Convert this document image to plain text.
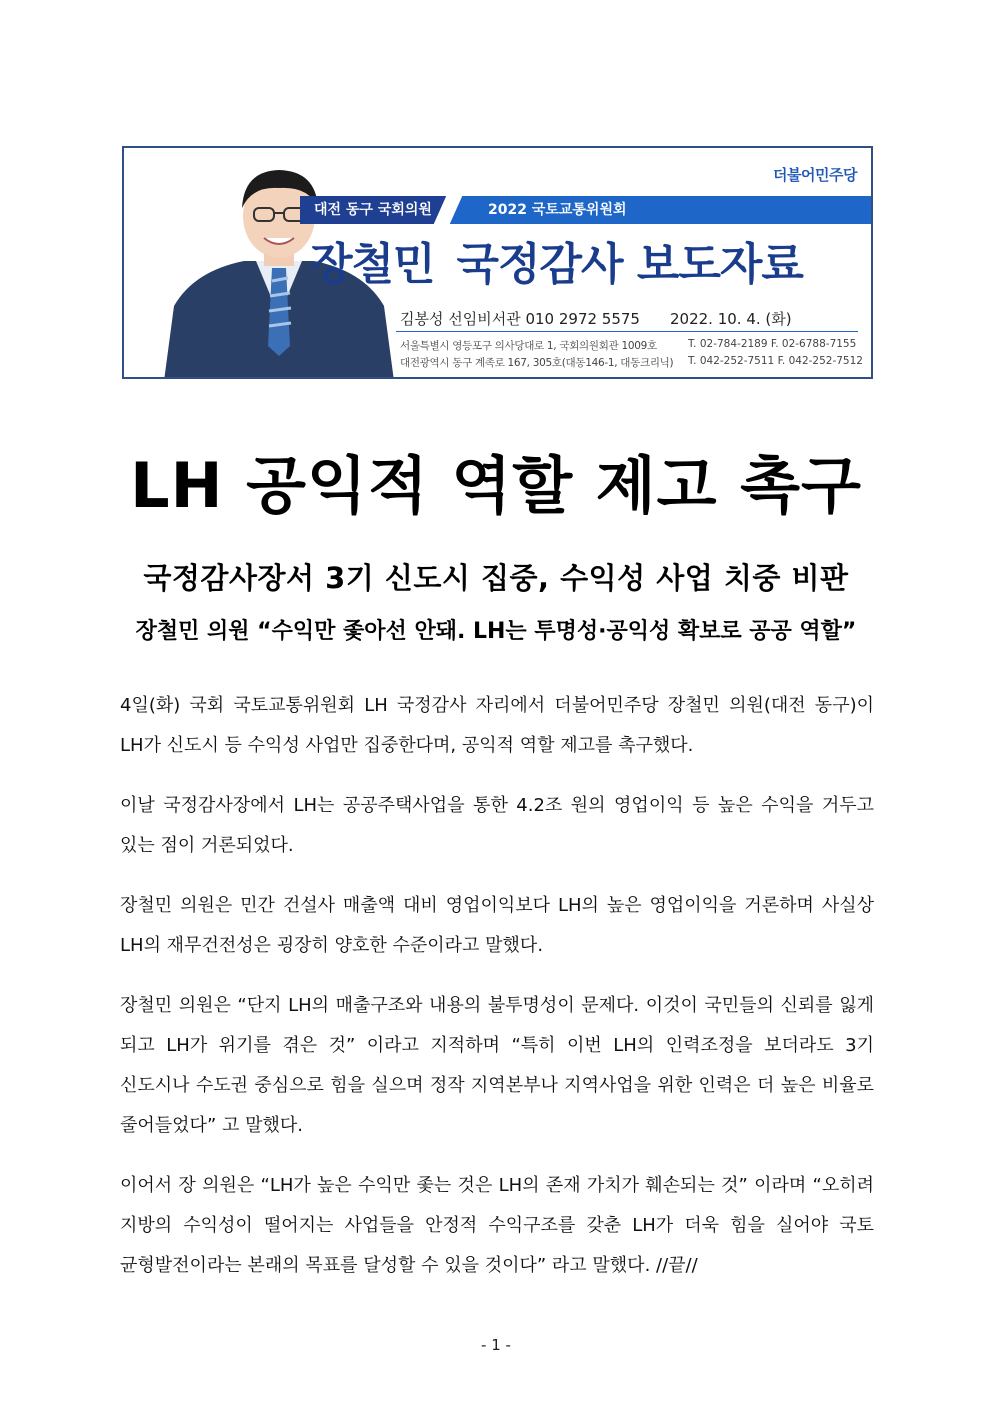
더불어민주당
대전 동구 국회의원	2022 국토교통위원회
장철민 국정감사 보도자료
김봉성 선임비서관 010 2972 5575 2022. 10. 4. (화)
서울특별시 영등포구 의사당대로 1, 국회의원회관 1009호
대전광역시 동구 계족로 167, 305호(대동146-1, 대동크리닉)
T. 02-784-2189 F. 02-6788-7155
T. 042-252-7511 F. 042-252-7512
LH 공익적 역할 제고 촉구
국정감사장서 3기 신도시 집중, 수익성 사업 치중 비판
장철민 의원 “수익만 좇아선 안돼. LH는 투명성·공익성 확보로 공공 역할”
4일(화) 국회 국토교통위원회 LH 국정감사 자리에서 더불어민주당 장철민 의원(대전 동구)이 LH가 신도시 등 수익성 사업만 집중한다며, 공익적 역할 제고를 촉구했다.
이날 국정감사장에서 LH는 공공주택사업을 통한 4.2조 원의 영업이익 등 높은 수익을 거두고 있는 점이 거론되었다.
장철민 의원은 민간 건설사 매출액 대비 영업이익보다 LH의 높은 영업이익을 거론하며 사실상 LH의 재무건전성은 굉장히 양호한 수준이라고 말했다.
장철민 의원은 “단지 LH의 매출구조와 내용의 불투명성이 문제다. 이것이 국민들의 신뢰를 잃게 되고 LH가 위기를 겪은 것” 이라고 지적하며 “특히 이번 LH의 인력조정을 보더라도 3기 신도시나 수도권 중심으로 힘을 실으며 정작 지역본부나 지역사업을 위한 인력은 더 높은 비율로 줄어들었다” 고 말했다.
이어서 장 의원은 “LH가 높은 수익만 좇는 것은 LH의 존재 가치가 훼손되는 것” 이라며 “오히려 지방의 수익성이 떨어지는 사업들을 안정적 수익구조를 갖춘 LH가 더욱 힘을 실어야 국토 균형발전이라는 본래의 목표를 달성할 수 있을 것이다” 라고 말했다. //끝//
- 1 -
